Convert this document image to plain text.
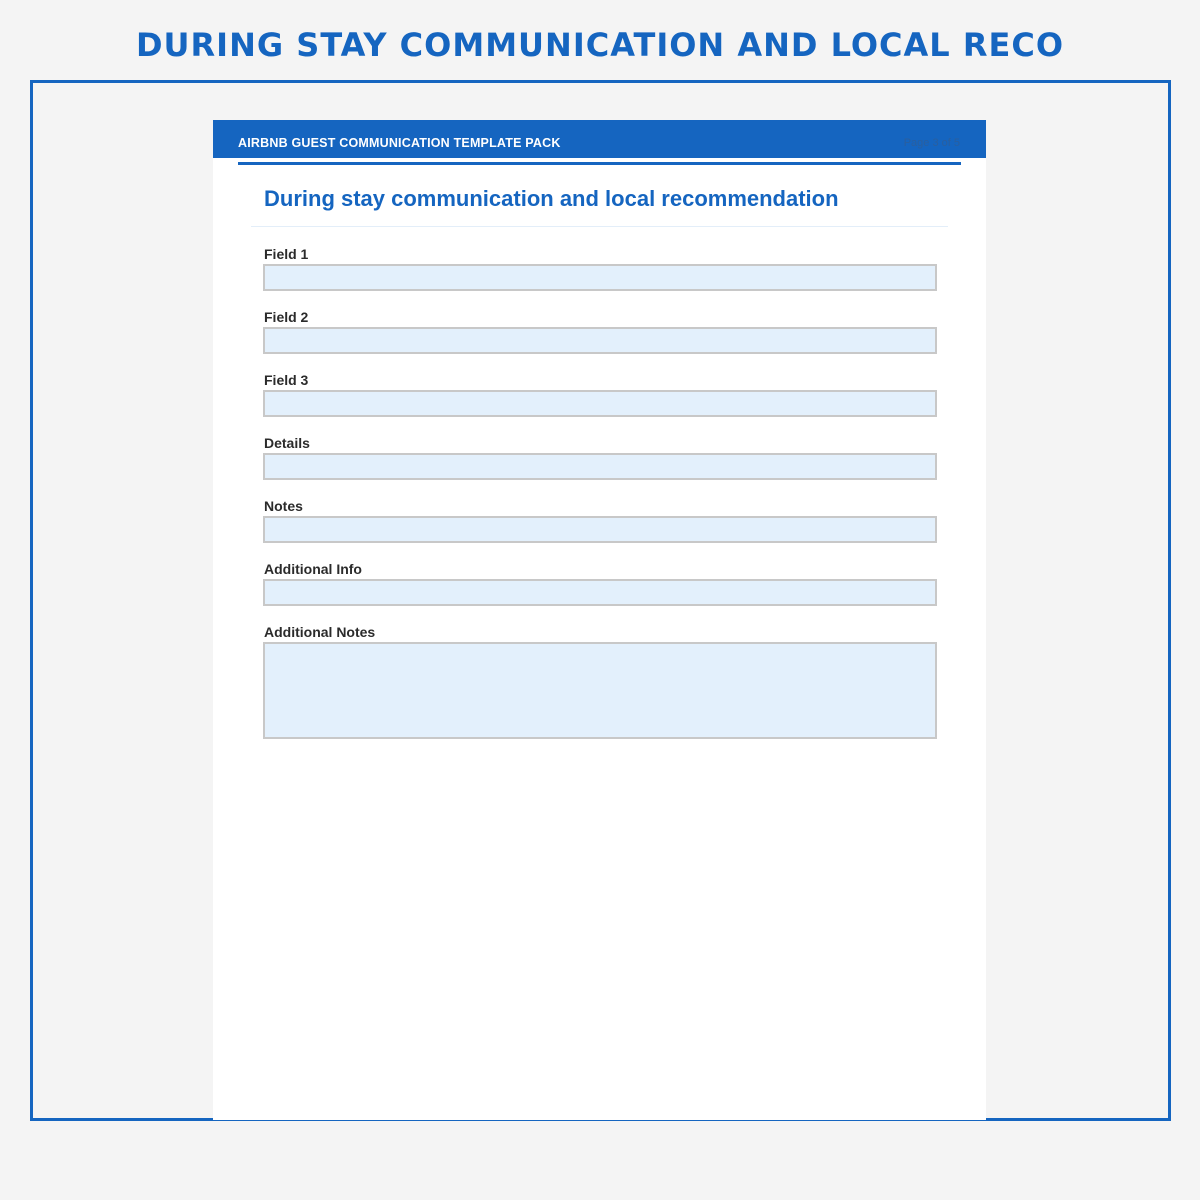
DURING STAY COMMUNICATION AND LOCAL RECO
AIRBNB GUEST COMMUNICATION TEMPLATE PACK	Page 3 of 5
During stay communication and local recommendation
Field 1
Field 2
Field 3
Details
Notes
Additional Info
Additional Notes
